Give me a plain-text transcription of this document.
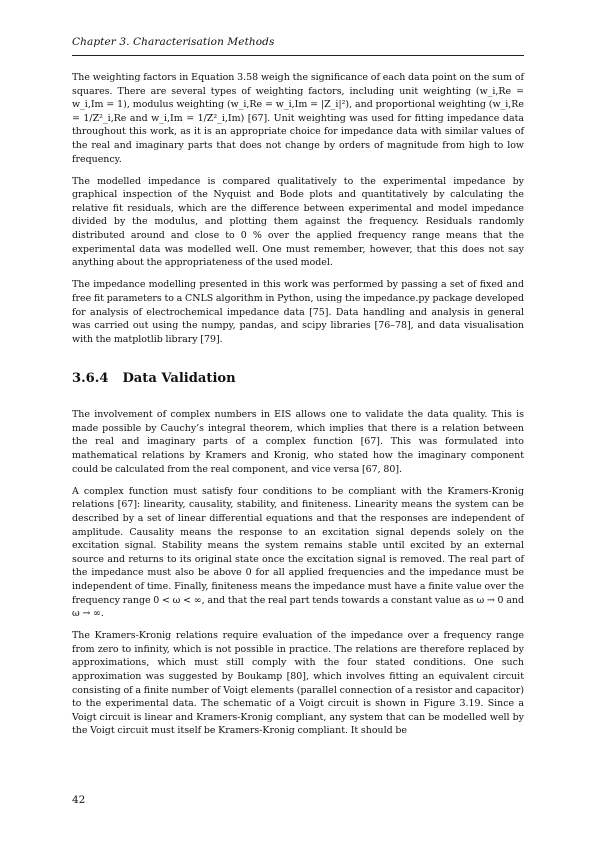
Chapter 3. Characterisation Methods

The weighting factors in Equation 3.58 weigh the significance of each data point on the sum of squares. There are several types of weighting factors, including unit weighting (w_i,Re = w_i,Im = 1), modulus weighting (w_i,Re = w_i,Im = |Z_i|²), and proportional weighting (w_i,Re = 1/Z²_i,Re and w_i,Im = 1/Z²_i,Im) [67]. Unit weighting was used for fitting impedance data throughout this work, as it is an appropriate choice for impedance data with similar values of the real and imaginary parts that does not change by orders of magnitude from high to low frequency.

The modelled impedance is compared qualitatively to the experimental impedance by graphical inspection of the Nyquist and Bode plots and quantitatively by calculating the relative fit residuals, which are the difference between experimental and model impedance divided by the modulus, and plotting them against the frequency. Residuals randomly distributed around and close to 0 % over the applied frequency range means that the experimental data was modelled well. One must remember, however, that this does not say anything about the appropriateness of the used model.

The impedance modelling presented in this work was performed by passing a set of fixed and free fit parameters to a CNLS algorithm in Python, using the impedance.py package developed for analysis of electrochemical impedance data [75]. Data handling and analysis in general was carried out using the numpy, pandas, and scipy libraries [76–78], and data visualisation with the matplotlib library [79].

3.6.4 Data Validation

The involvement of complex numbers in EIS allows one to validate the data quality. This is made possible by Cauchy’s integral theorem, which implies that there is a relation between the real and imaginary parts of a complex function [67]. This was formulated into mathematical relations by Kramers and Kronig, who stated how the imaginary component could be calculated from the real component, and vice versa [67, 80].

A complex function must satisfy four conditions to be compliant with the Kramers-Kronig relations [67]: linearity, causality, stability, and finiteness. Linearity means the system can be described by a set of linear differential equations and that the responses are independent of amplitude. Causality means the response to an excitation signal depends solely on the excitation signal. Stability means the system remains stable until excited by an external source and returns to its original state once the excitation signal is removed. The real part of the impedance must also be above 0 for all applied frequencies and the impedance must be independent of time. Finally, finiteness means the impedance must have a finite value over the frequency range 0 < ω < ∞, and that the real part tends towards a constant value as ω → 0 and ω → ∞.

The Kramers-Kronig relations require evaluation of the impedance over a frequency range from zero to infinity, which is not possible in practice. The relations are therefore replaced by approximations, which must still comply with the four stated conditions. One such approximation was suggested by Boukamp [80], which involves fitting an equivalent circuit consisting of a finite number of Voigt elements (parallel connection of a resistor and capacitor) to the experimental data. The schematic of a Voigt circuit is shown in Figure 3.19. Since a Voigt circuit is linear and Kramers-Kronig compliant, any system that can be modelled well by the Voigt circuit must itself be Kramers-Kronig compliant. It should be

42
